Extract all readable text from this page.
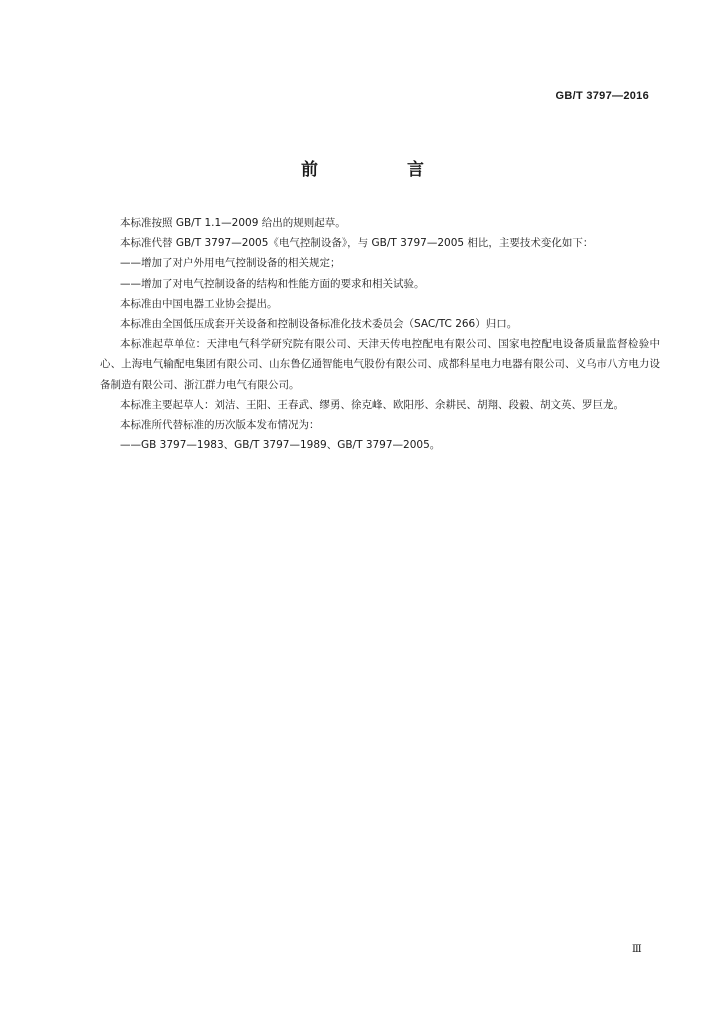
GB/T 3797—2016
前　言

本标准按照 GB/T 1.1—2009 给出的规则起草。

本标准代替 GB/T 3797—2005《电气控制设备》，与 GB/T 3797—2005 相比，主要技术变化如下：

——增加了对户外用电气控制设备的相关规定；

——增加了对电气控制设备的结构和性能方面的要求和相关试验。

本标准由中国电器工业协会提出。

本标准由全国低压成套开关设备和控制设备标准化技术委员会（SAC/TC 266）归口。

本标准起草单位：天津电气科学研究院有限公司、天津天传电控配电有限公司、国家电控配电设备质量监督检验中心、上海电气输配电集团有限公司、山东鲁亿通智能电气股份有限公司、成都科星电力电器有限公司、义乌市八方电力设备制造有限公司、浙江群力电气有限公司。

本标准主要起草人：刘洁、王阳、王春武、缪勇、徐克峰、欧阳彤、余耕民、胡翔、段毅、胡文英、罗巨龙。

本标准所代替标准的历次版本发布情况为：

——GB 3797—1983、GB/T 3797—1989、GB/T 3797—2005。

Ⅲ
